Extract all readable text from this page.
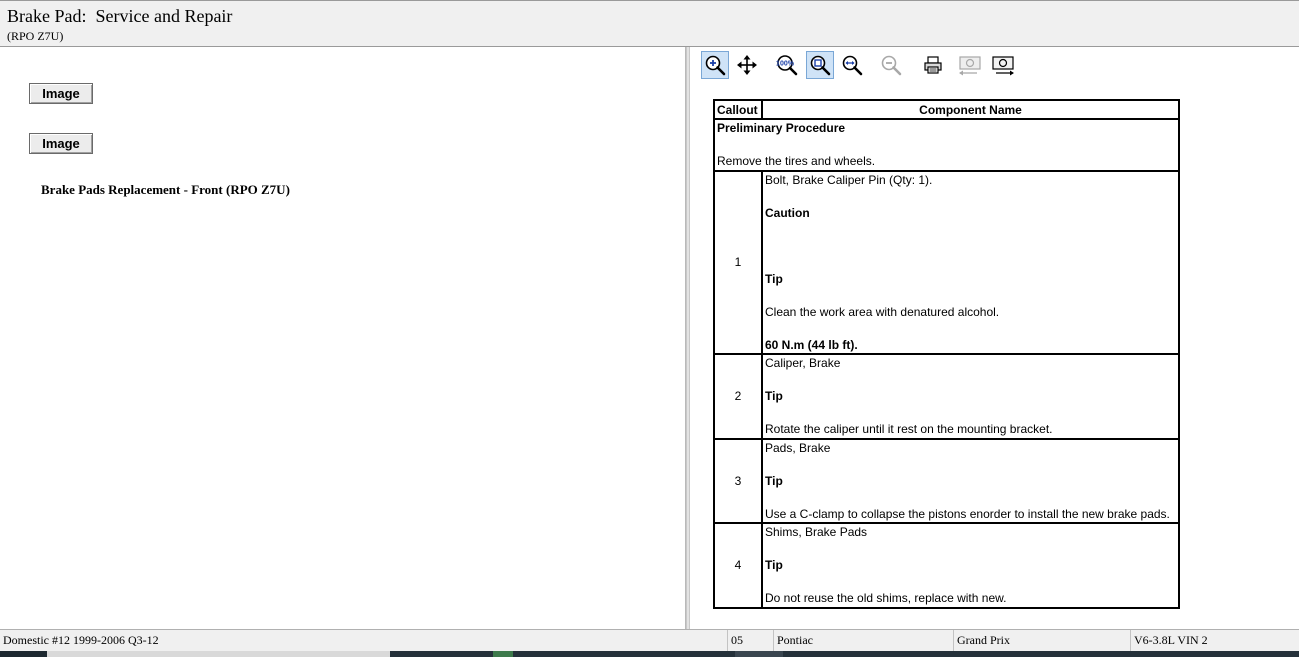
Brake Pad:  Service and Repair
(RPO Z7U)
Image
Image
Brake Pads Replacement - Front (RPO Z7U)
100%
Callout	Component Name

Preliminary Procedure
Remove the tires and wheels.	

1	Bolt, Brake Caliper Pin (Qty: 1).
Caution
Tip
Clean the work area with denatured alcohol.
60 N.m (44 lb ft).

2	Caliper, Brake
Tip
Rotate the caliper until it rest on the mounting bracket.

3	Pads, Brake
Tip
Use a C-clamp to collapse the pistons enorder to install the new brake pads.

4	Shims, Brake Pads
Tip
Do not reuse the old shims, replace with new.
Domestic #12 1999-2006 Q3-12	05	Pontiac	Grand Prix	V6-3.8L VIN 2
